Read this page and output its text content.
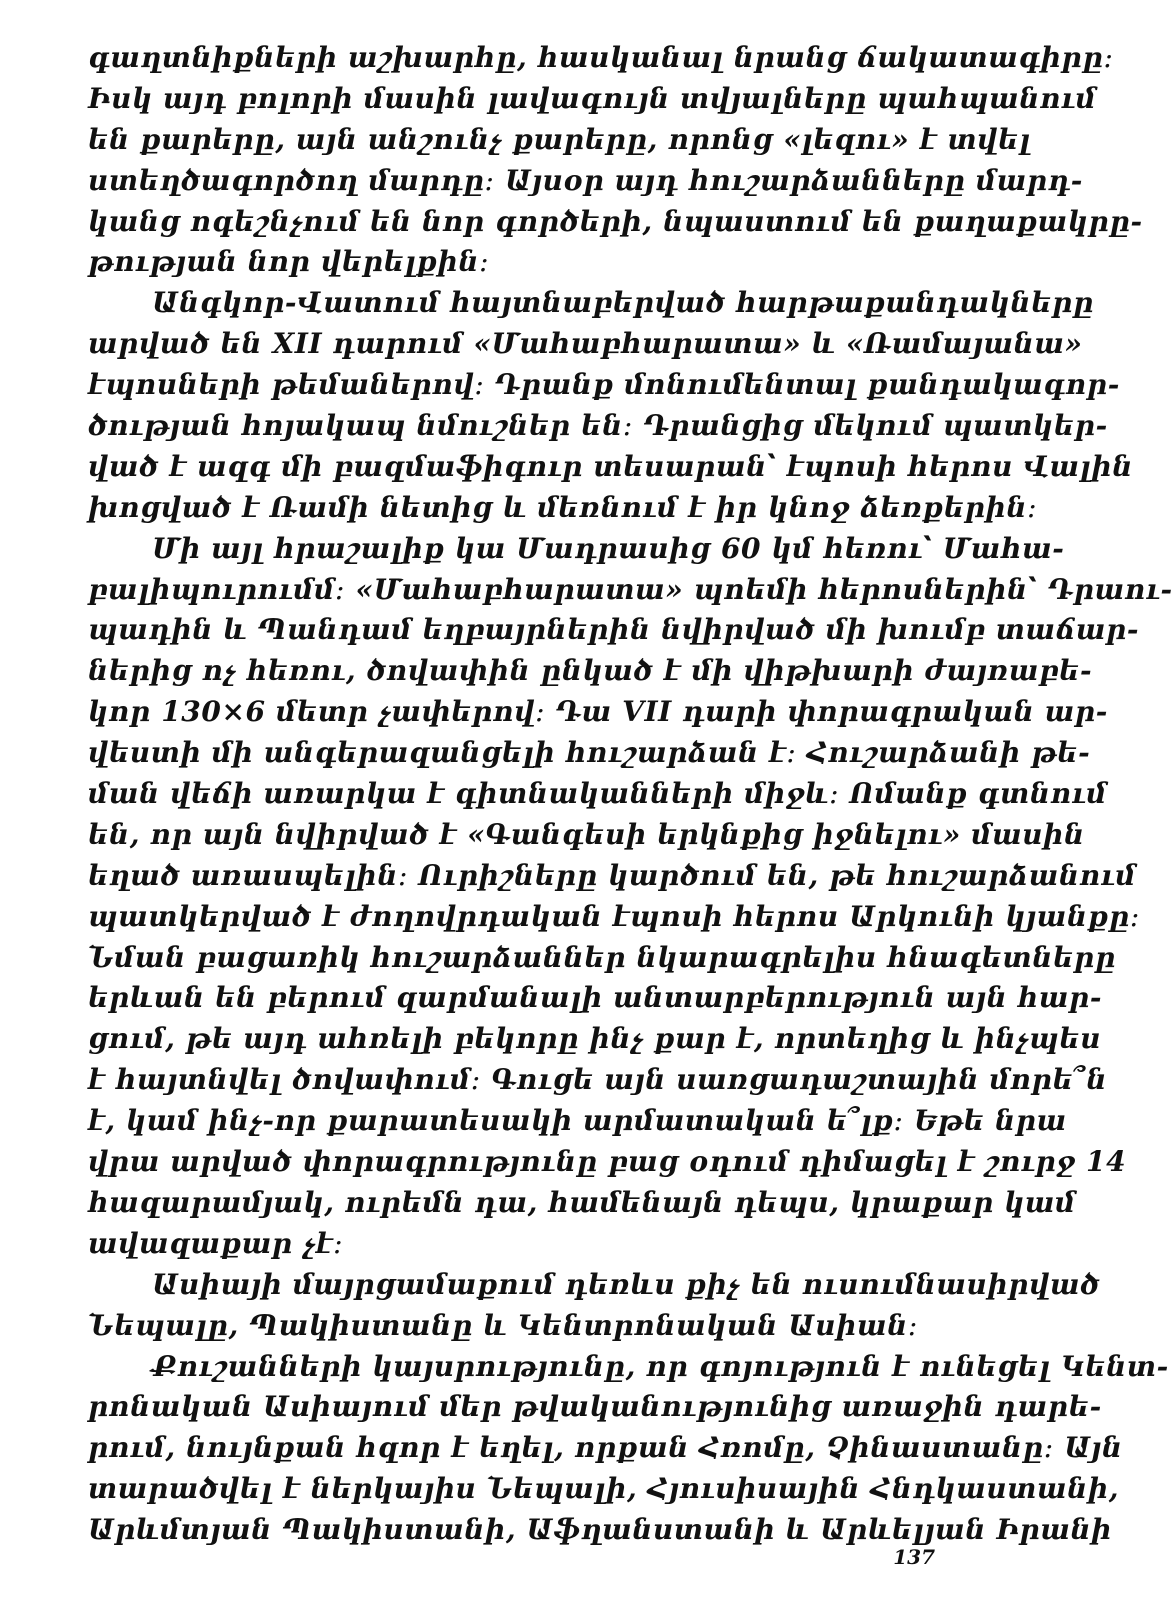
գաղտնիքների աշխարհը, հասկանալ նրանց ճակատագիրը։
Իսկ այդ բոլորի մասին լավագույն տվյալները պահպանում
են քարերը, այն անշունչ քարերը, որոնց «լեզու» է տվել
ստեղծագործող մարդը։ Այսօր այդ հուշարձանները մարդ-
կանց ոգեշնչում են նոր գործերի, նպաստում են քաղաքակրը-
թության նոր վերելքին։
Անգկոր-Վատում հայտնաբերված հարթաքանդակները
արված են XII դարում «Մահաբհարատա» և «Ռամայանա»
էպոսների թեմաներով։ Դրանք մոնումենտալ քանդակագոր-
ծության հոյակապ նմուշներ են։ Դրանցից մեկում պատկեր-
ված է ազգ մի բազմաֆիգուր տեսարան՝ էպոսի հերոս Վալին
խոցված է Ռամի նետից և մեռնում է իր կնոջ ձեռքերին։
Մի այլ հրաշալիք կա Մադրասից 60 կմ հեռու՝ Մահա-
բալիպուրումմ։ «Մահաբհարատա» պոեմի հերոսներին՝ Դրաու-
պադին և Պանդամ եղբայրներին նվիրված մի խումբ տաճար-
ներից ոչ հեռու, ծովափին ընկած է մի վիթխարի ժայռաբե-
կոր 130×6 մետր չափերով։ Դա VII դարի փորագրական ար-
վեստի մի անգերազանցելի հուշարձան է։ Հուշարձանի թե-
ման վեճի առարկա է գիտնականների միջև։ Ոմանք գտնում
են, որ այն նվիրված է «Գանգեսի երկնքից իջնելու» մասին
եղած առասպելին։ Ուրիշները կարծում են, թե հուշարձանում
պատկերված է ժողովրդական էպոսի հերոս Արկունի կյանքը։
Նման բացառիկ հուշարձաններ նկարագրելիս հնագետները
երևան են բերում զարմանալի անտարբերություն այն հար-
ցում, թե այդ ահռելի բեկորը ինչ քար է, որտեղից և ինչպես
է հայտնվել ծովափում։ Գուցե այն սառցադաշտային մորե՞ն
է, կամ ինչ-որ քարատեսակի արմատական ե՞լք։ Եթե նրա
վրա արված փորագրությունը բաց օդում դիմացել է շուրջ 14
հազարամյակ, ուրեմն դա, համենայն դեպս, կրաքար կամ
ավազաքար չէ։
Ասիայի մայրցամաքում դեռևս քիչ են ուսումնասիրված
Նեպալը, Պակիստանը և Կենտրոնական Ասիան։
Քուշանների կայսրությունը, որ գոյություն է ունեցել Կենտ-
րոնական Ասիայում մեր թվականությունից առաջին դարե-
րում, նույնքան հզոր է եղել, որքան Հռոմը, Չինաստանը։ Այն
տարածվել է ներկայիս Նեպալի, Հյուսիսային Հնդկաստանի,
Արևմտյան Պակիստանի, Աֆղանստանի և Արևելյան Իրանի
137
